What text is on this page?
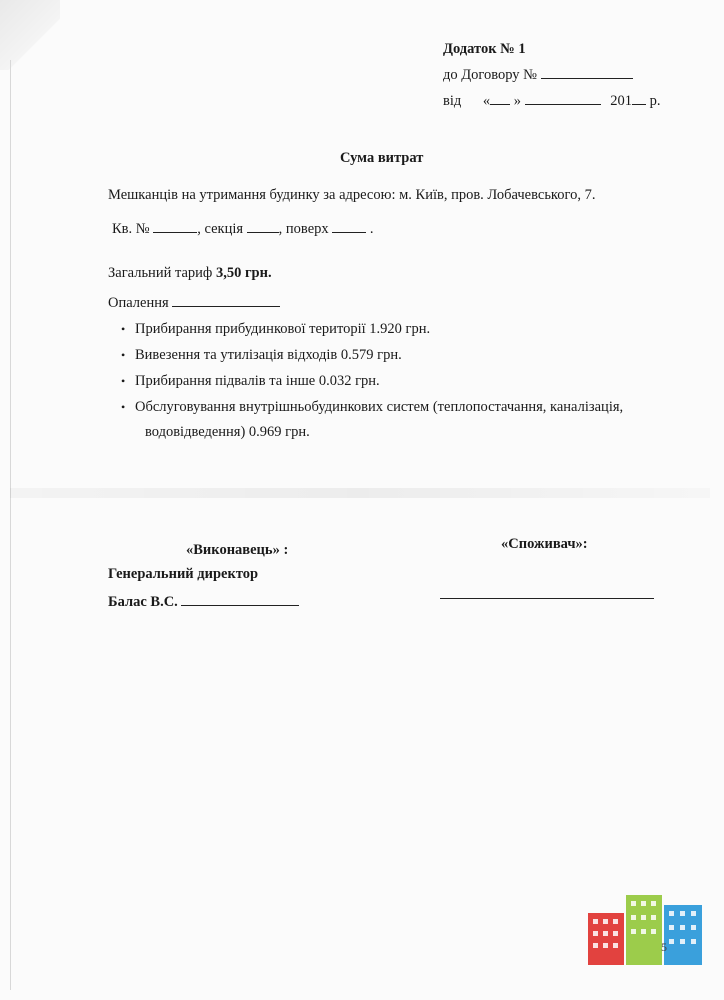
Додаток № 1
до Договору №
від « »	201 р.
Сума витрат
Мешканців на утримання будинку за адресою: м. Київ, пров. Лобачевського, 7.
Кв. №	, секція , поверх	.
Загальний тариф 3,50 грн.
Опалення
• Прибирання прибудинкової території 1.920 грн.
• Вивезення та утилізація відходів 0.579 грн.
• Прибирання підвалів та інше 0.032 грн.
• Обслуговування внутрішньобудинкових систем (теплопостачання, каналізація,
водовідведення) 0.969 грн.
«Виконавець» :	«Споживач»:
Генеральний директор
Балас В.С.
5
